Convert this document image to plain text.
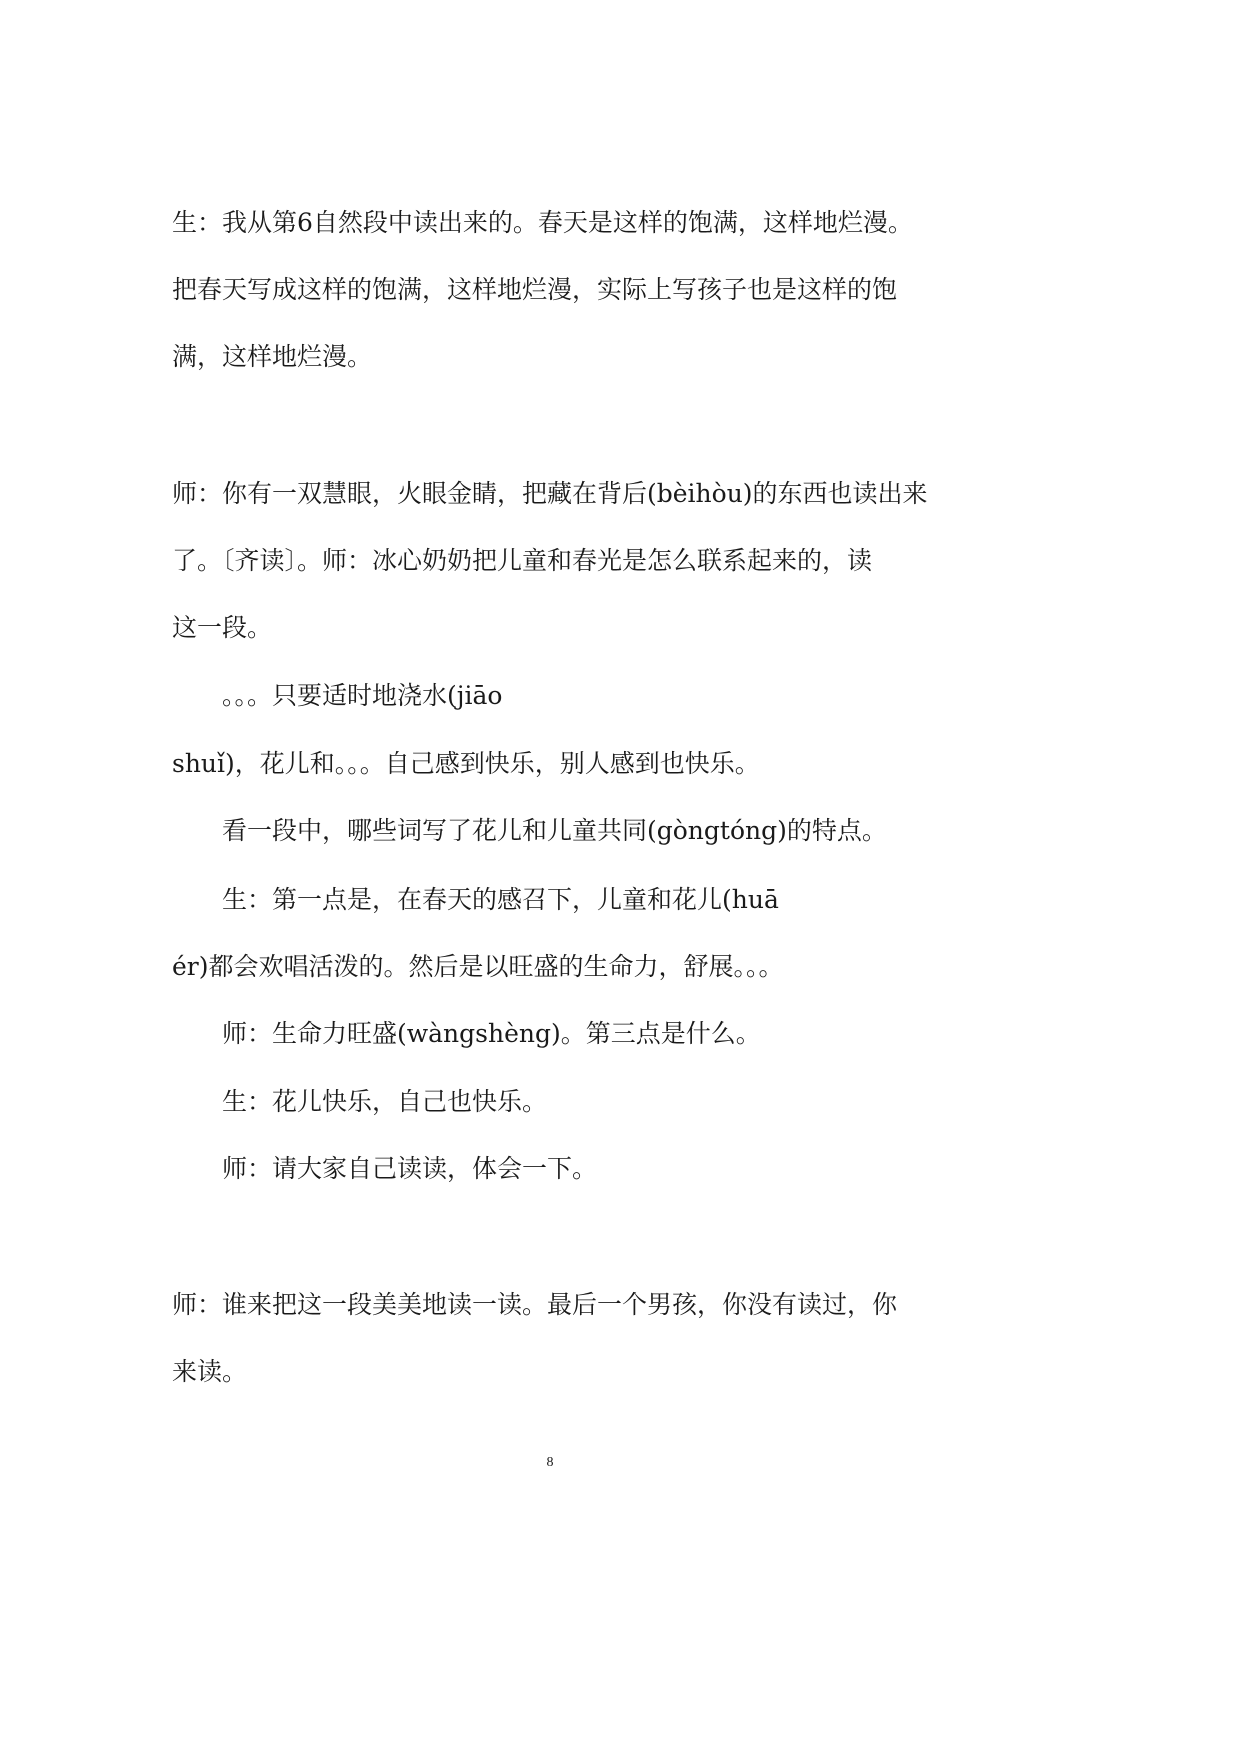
生：我从第6自然段中读出来的。春天是这样的饱满，这样地烂漫。
把春天写成这样的饱满，这样地烂漫，实际上写孩子也是这样的饱
满，这样地烂漫。
师：你有一双慧眼，火眼金睛，把藏在背后(bèihòu)的东西也读出来
了。〔齐读〕。师：冰心奶奶把儿童和春光是怎么联系起来的，读
这一段。
。。。只要适时地浇水(jiāo
shuǐ)，花儿和。。。自己感到快乐，别人感到也快乐。
看一段中，哪些词写了花儿和儿童共同(gòngtóng)的特点。
生：第一点是，在春天的感召下，儿童和花儿(huā
ér)都会欢唱活泼的。然后是以旺盛的生命力，舒展。。。
师：生命力旺盛(wàngshèng)。第三点是什么。
生：花儿快乐，自己也快乐。
师：请大家自己读读，体会一下。
师：谁来把这一段美美地读一读。最后一个男孩，你没有读过，你
来读。
8
